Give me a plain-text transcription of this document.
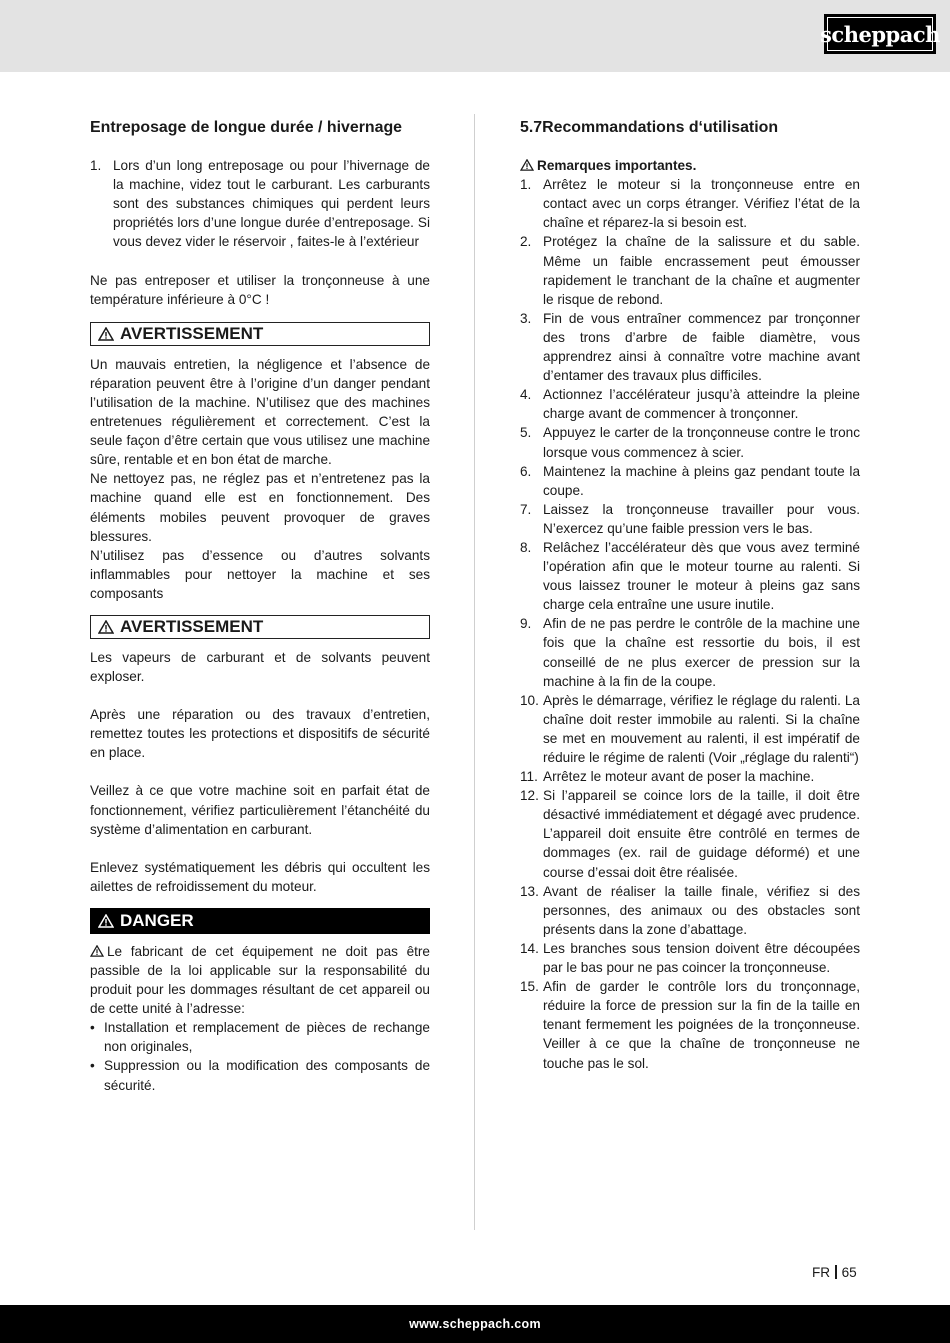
scheppach
Entreposage de longue durée / hivernage
1. Lors d’un long entreposage ou pour l’hivernage de la machine, videz tout le carburant. Les carburants sont des substances chimiques qui perdent leurs propriétés lors d’une longue durée d’entreposage. Si vous devez vider le réservoir , faites-le à l’extérieur

Ne pas entreposer et utiliser la tronçonneuse à une température inférieure à 0°C !

AVERTISSEMENT

Un mauvais entretien, la négligence et l’absence de réparation peuvent être à l’origine d’un danger pendant l’utilisation de la machine. N’utilisez que des machines entretenues régulièrement et correctement. C’est la seule façon d’être certain que vous utilisez une machine sûre, rentable et en bon état de marche.

Ne nettoyez pas, ne réglez pas et n’entretenez pas la machine quand elle est en fonctionnement. Des éléments mobiles peuvent provoquer de graves blessures.

N’utilisez pas d’essence ou d’autres solvants inflammables pour nettoyer la machine et ses composants

AVERTISSEMENT

Les vapeurs de carburant et de solvants peuvent exploser.

Après une réparation ou des travaux d’entretien, remettez toutes les protections et dispositifs de sécurité en place.

Veillez à ce que votre machine soit en parfait état de fonctionnement, vérifiez particulièrement l’étanchéité du système d’alimentation en carburant.

Enlevez systématiquement les débris qui occultent les ailettes de refroidissement du moteur.

DANGER

Le fabricant de cet équipement ne doit pas être passible de la loi applicable sur la responsabilité du produit pour les dommages résultant de cet appareil ou de cette unité à l’adresse:

• Installation et remplacement de pièces de rechange non originales,
• Suppression ou la modification des composants de sécurité.
5.7Recommandations d‘utilisation
Remarques importantes.
1. Arrêtez le moteur si la tronçonneuse entre en contact avec un corps étranger. Vérifiez l’état de la chaîne et réparez-la si besoin est.
2. Protégez la chaîne de la salissure et du sable. Même un faible encrassement peut émousser rapidement le tranchant de la chaîne et augmenter le risque de rebond.
3. Fin de vous entraîner commencez par tronçonner des trons d’arbre de faible diamètre, vous apprendrez ainsi à connaître votre machine avant d’entamer des travaux plus difficiles.
4. Actionnez l’accélérateur jusqu’à atteindre la pleine charge avant de commencer à tronçonner.
5. Appuyez le carter de la tronçonneuse contre le tronc lorsque vous commencez à scier.
6. Maintenez la machine à pleins gaz pendant toute la coupe.
7. Laissez la tronçonneuse travailler pour vous. N’exercez qu’une faible pression vers le bas.
8. Relâchez l’accélérateur dès que vous avez terminé l’opération afin que le moteur tourne au ralenti. Si vous laissez trouner le moteur à pleins gaz sans charge cela entraîne une usure inutile.
9. Afin de ne pas perdre le contrôle de la machine une fois que la chaîne est ressortie du bois, il est conseillé de ne plus exercer de pression sur la machine à la fin de la coupe.
10. Après le démarrage, vérifiez le réglage du ralenti. La chaîne doit rester immobile au ralenti. Si la chaîne se met en mouvement au ralenti, il est impératif de réduire le régime de ralenti (Voir „réglage du ralenti“)
11. Arrêtez le moteur avant de poser la machine.
12. Si l’appareil se coince lors de la taille, il doit être désactivé immédiatement et dégagé avec prudence. L’appareil doit ensuite être contrôlé en termes de dommages (ex. rail de guidage déformé) et une course d’essai doit être réalisée.
13. Avant de réaliser la taille finale, vérifiez si des personnes, des animaux ou des obstacles sont présents dans la zone d’abattage.
14. Les branches sous tension doivent être découpées par le bas pour ne pas coincer la tronçonneuse.
15. Afin de garder le contrôle lors du tronçonnage, réduire la force de pression sur la fin de la taille en tenant fermement les poignées de la tronçonneuse. Veiller à ce que la chaîne de tronçonneuse ne touche pas le sol.
FR 65
www.scheppach.com
